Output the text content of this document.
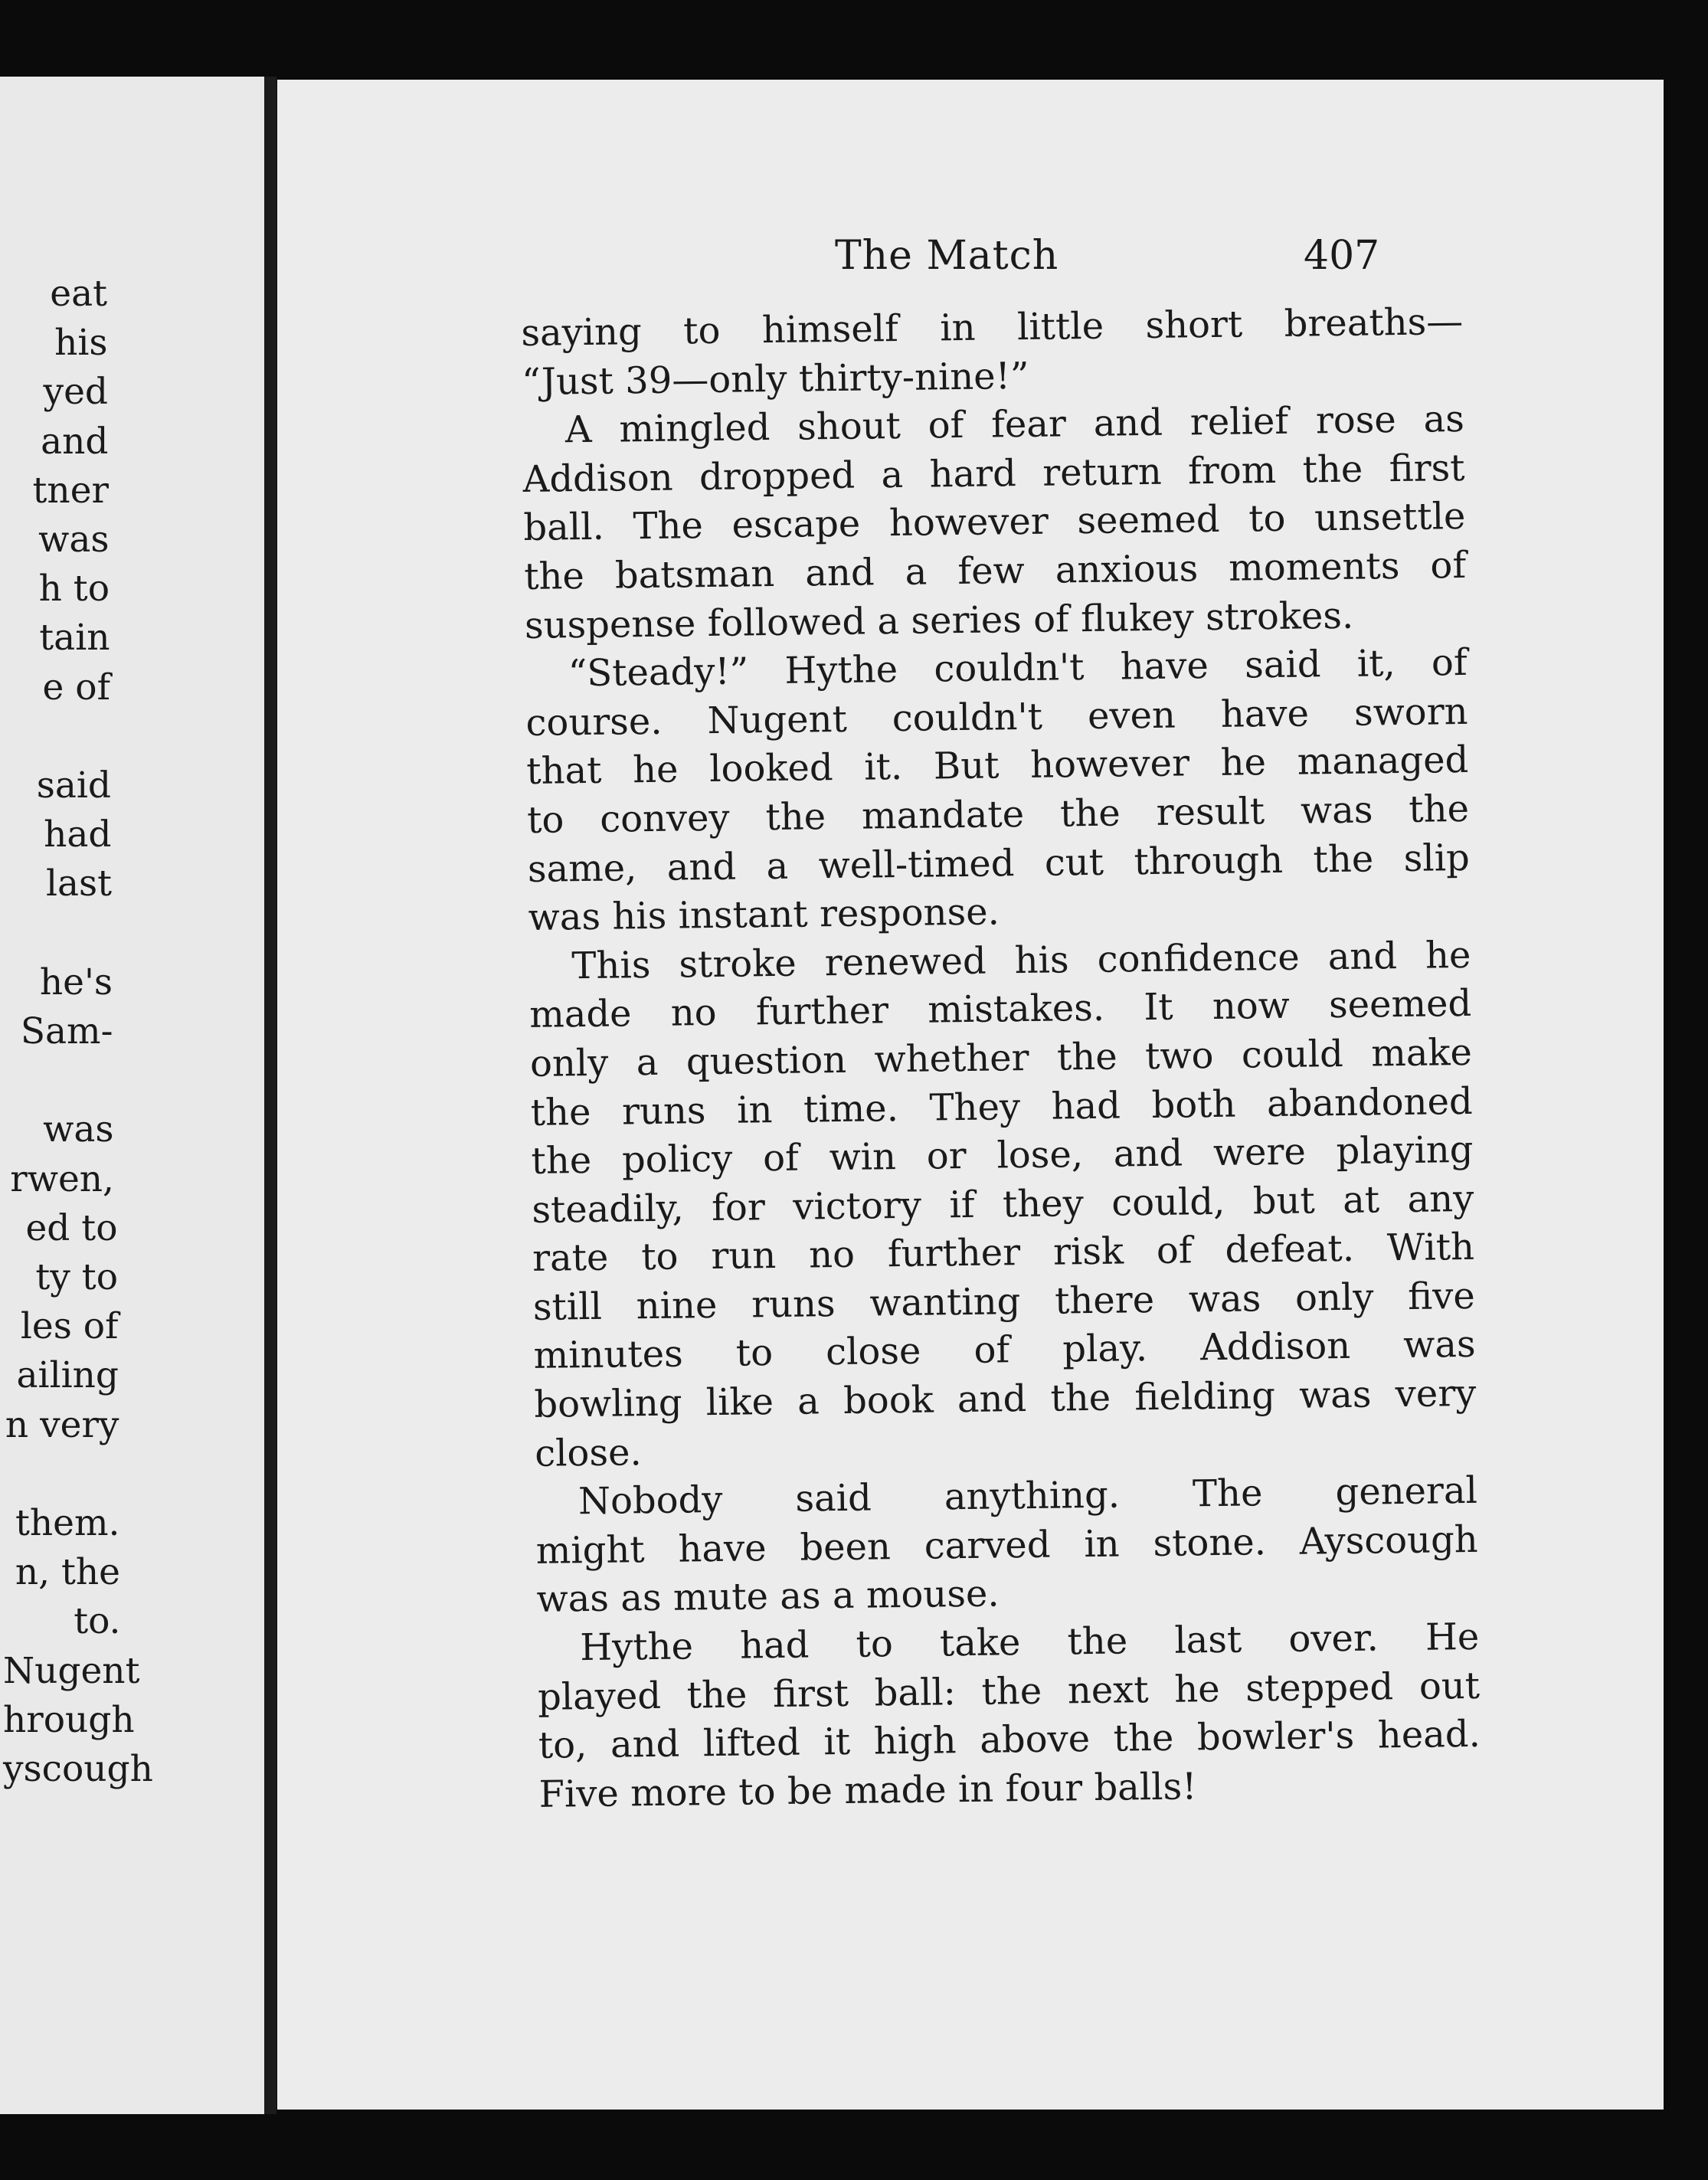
eat
his
yed
and
tner
was
h to
tain
e of
said
had
last
he's
Sam-
was
rwen,
ed to
ty to
les of
ailing
n very
them.
n, the
to.
Nugent
hrough
yscough
The Match	407
saying to himself in little short breaths—
“Just 39—only thirty-nine!”
A mingled shout of fear and relief rose as
Addison dropped a hard return from the first
ball. The escape however seemed to unsettle
the batsman and a few anxious moments of
suspense followed a series of flukey strokes.
“Steady!” Hythe couldn't have said it, of
course. Nugent couldn't even have sworn
that he looked it. But however he managed
to convey the mandate the result was the
same, and a well-timed cut through the slip
was his instant response.
This stroke renewed his confidence and he
made no further mistakes. It now seemed
only a question whether the two could make
the runs in time. They had both abandoned
the policy of win or lose, and were playing
steadily, for victory if they could, but at any
rate to run no further risk of defeat. With
still nine runs wanting there was only five
minutes to close of play. Addison was
bowling like a book and the fielding was very
close.
Nobody said anything. The general
might have been carved in stone. Ayscough
was as mute as a mouse.
Hythe had to take the last over. He
played the first ball: the next he stepped out
to, and lifted it high above the bowler's head.
Five more to be made in four balls!
